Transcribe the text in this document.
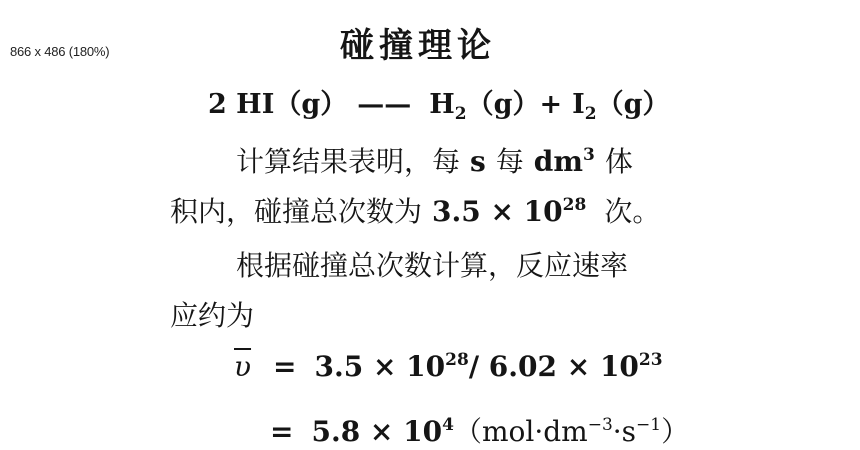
866 x 486 (180%)	碰撞理论
2 HI（g） —— $H_2(g)+ I_2(g)$
计算结果表明，每 s 每 $dm^3$ 体
积内，碰撞总次数为 $3.5 \times 10^{28}$ 次。
根据碰撞总次数计算，反应速率
应约为
$\overline{\upsilon} = 3.5 \times 10^{28}/$ $6.02 \times 10^{23}$
= $5.8 \times 10^4(mol\cdot dm^{-3}\cdot s^{-1})$
